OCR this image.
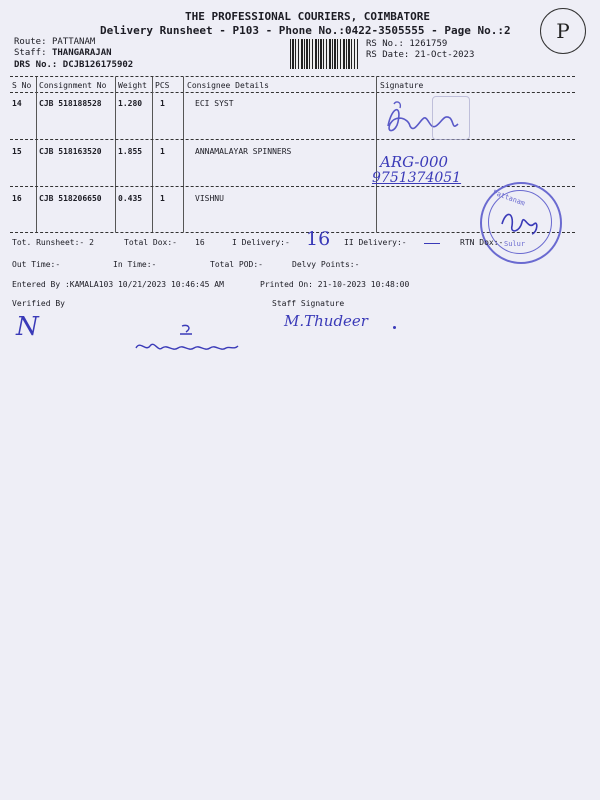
THE PROFESSIONAL COURIERS, COIMBATORE
Delivery Runsheet - P103 - Phone No.:0422-3505555 - Page No.:2 P
Route: PATTANAM
Staff: THANGARAJAN
DRS No.: DCJB126175902
RS No.: 1261759
RS Date: 21-Oct-2023
S No Consignment No Weight PCS Consignee Details	Signature
14 CJB 518188528 1.280 1	ECI SYST
15 CJB 518163520 1.855 1	ANNAMALAYAR SPINNERS
16 CJB 518206650 0.435 1	VISHNU
ARG-000
9751374051
Pattanam
Sulur
Tot. Runsheet:- 2	Total Dox:- 16	I Delivery:- 16 II Delivery:-	RTN Dox:-
Out Time:-	In Time:-	Total POD:-	Delvy Points:-
Entered By :KAMALA103 10/21/2023 10:46:45 AM	Printed On: 21-10-2023 10:48:00
Verified By	Staff Signature
N	M.Thudeer
